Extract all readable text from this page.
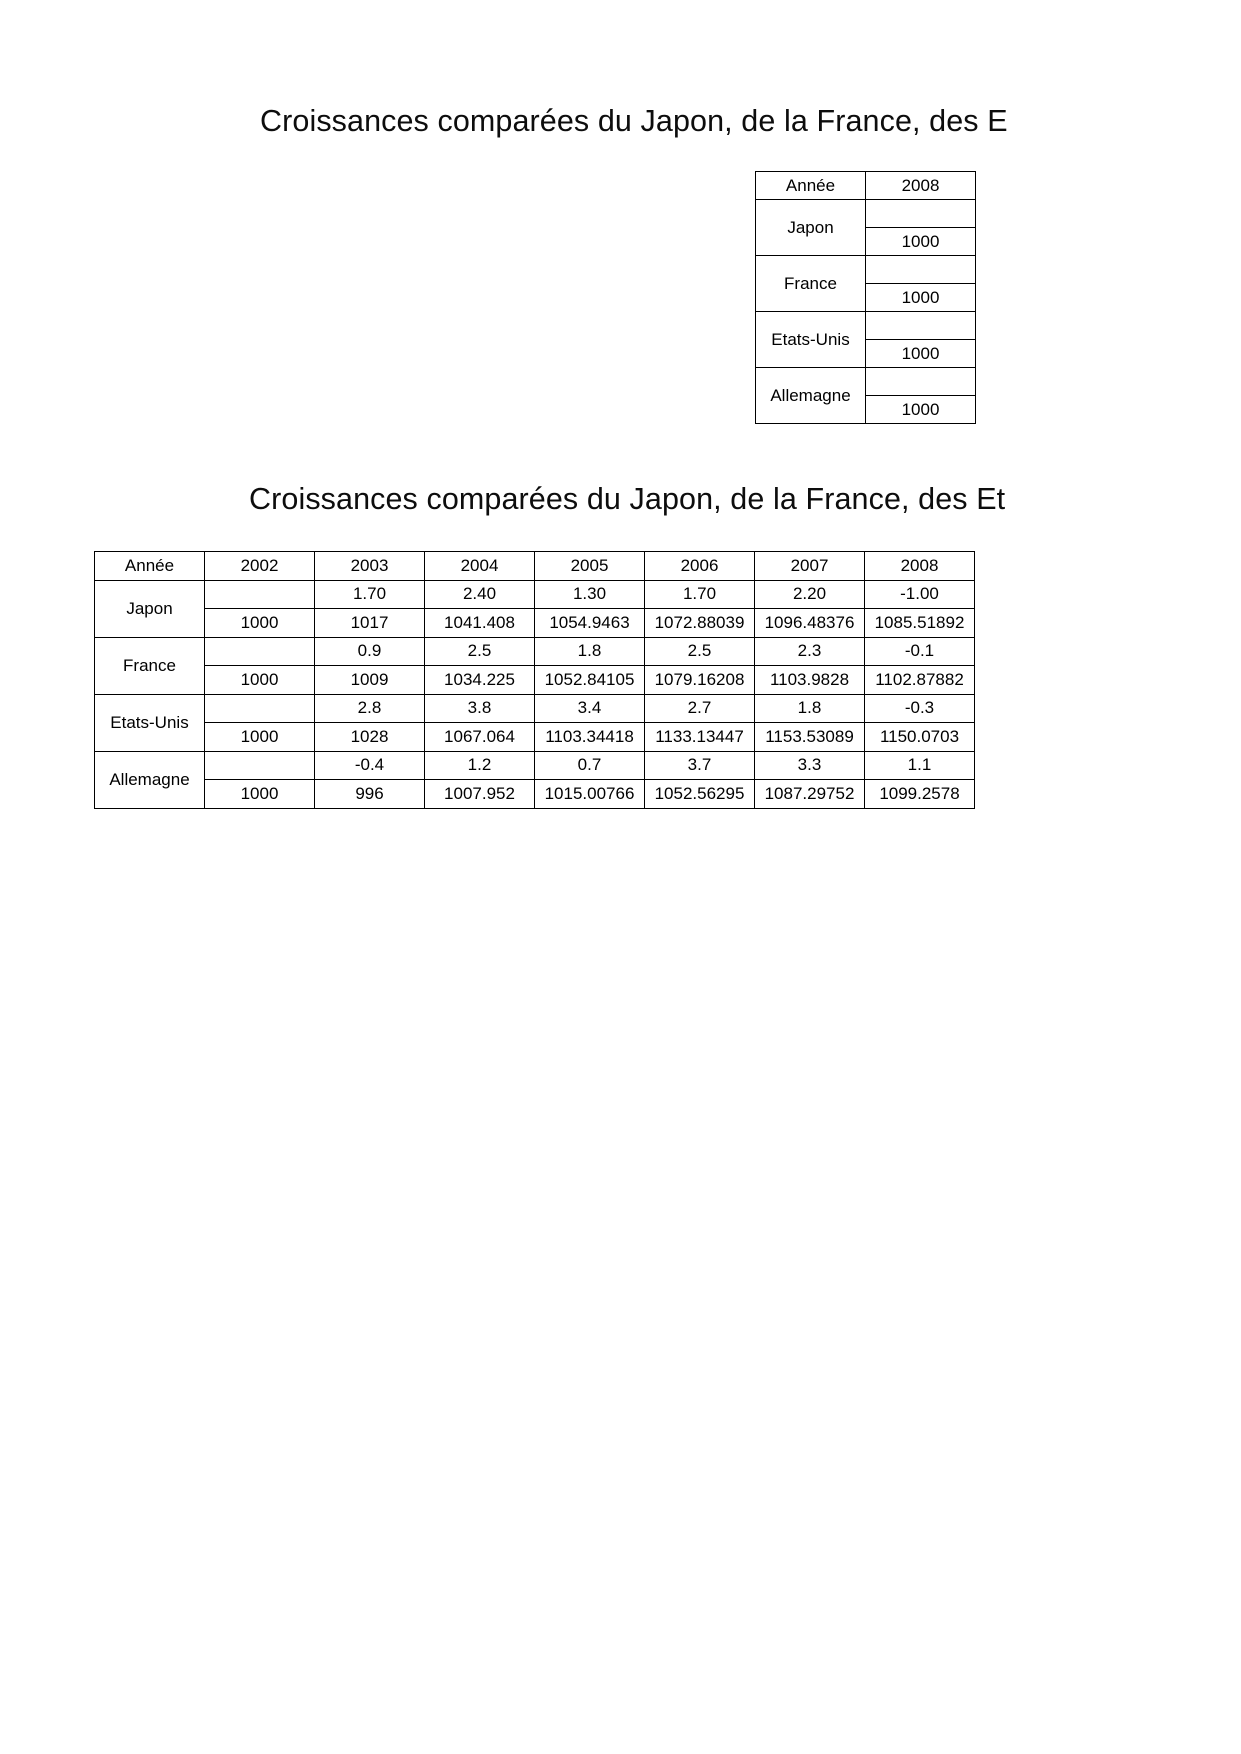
Croissances comparées du Japon, de la France, des E
Année	2008
Japon	
	1000
France	
	1000
Etats-Unis	
	1000
Allemagne	
	1000
Croissances comparées du Japon, de la France, des Et
Année	2002	2003	2004	2005	2006	2007	2008
Japon		1.70	2.40	1.30	1.70	2.20	-1.00
	1000	1017	1041.408	1054.9463	1072.88039	1096.48376	1085.51892
France		0.9	2.5	1.8	2.5	2.3	-0.1
	1000	1009	1034.225	1052.84105	1079.16208	1103.9828	1102.87882
Etats-Unis		2.8	3.8	3.4	2.7	1.8	-0.3
	1000	1028	1067.064	1103.34418	1133.13447	1153.53089	1150.0703
Allemagne		-0.4	1.2	0.7	3.7	3.3	1.1
	1000	996	1007.952	1015.00766	1052.56295	1087.29752	1099.2578
